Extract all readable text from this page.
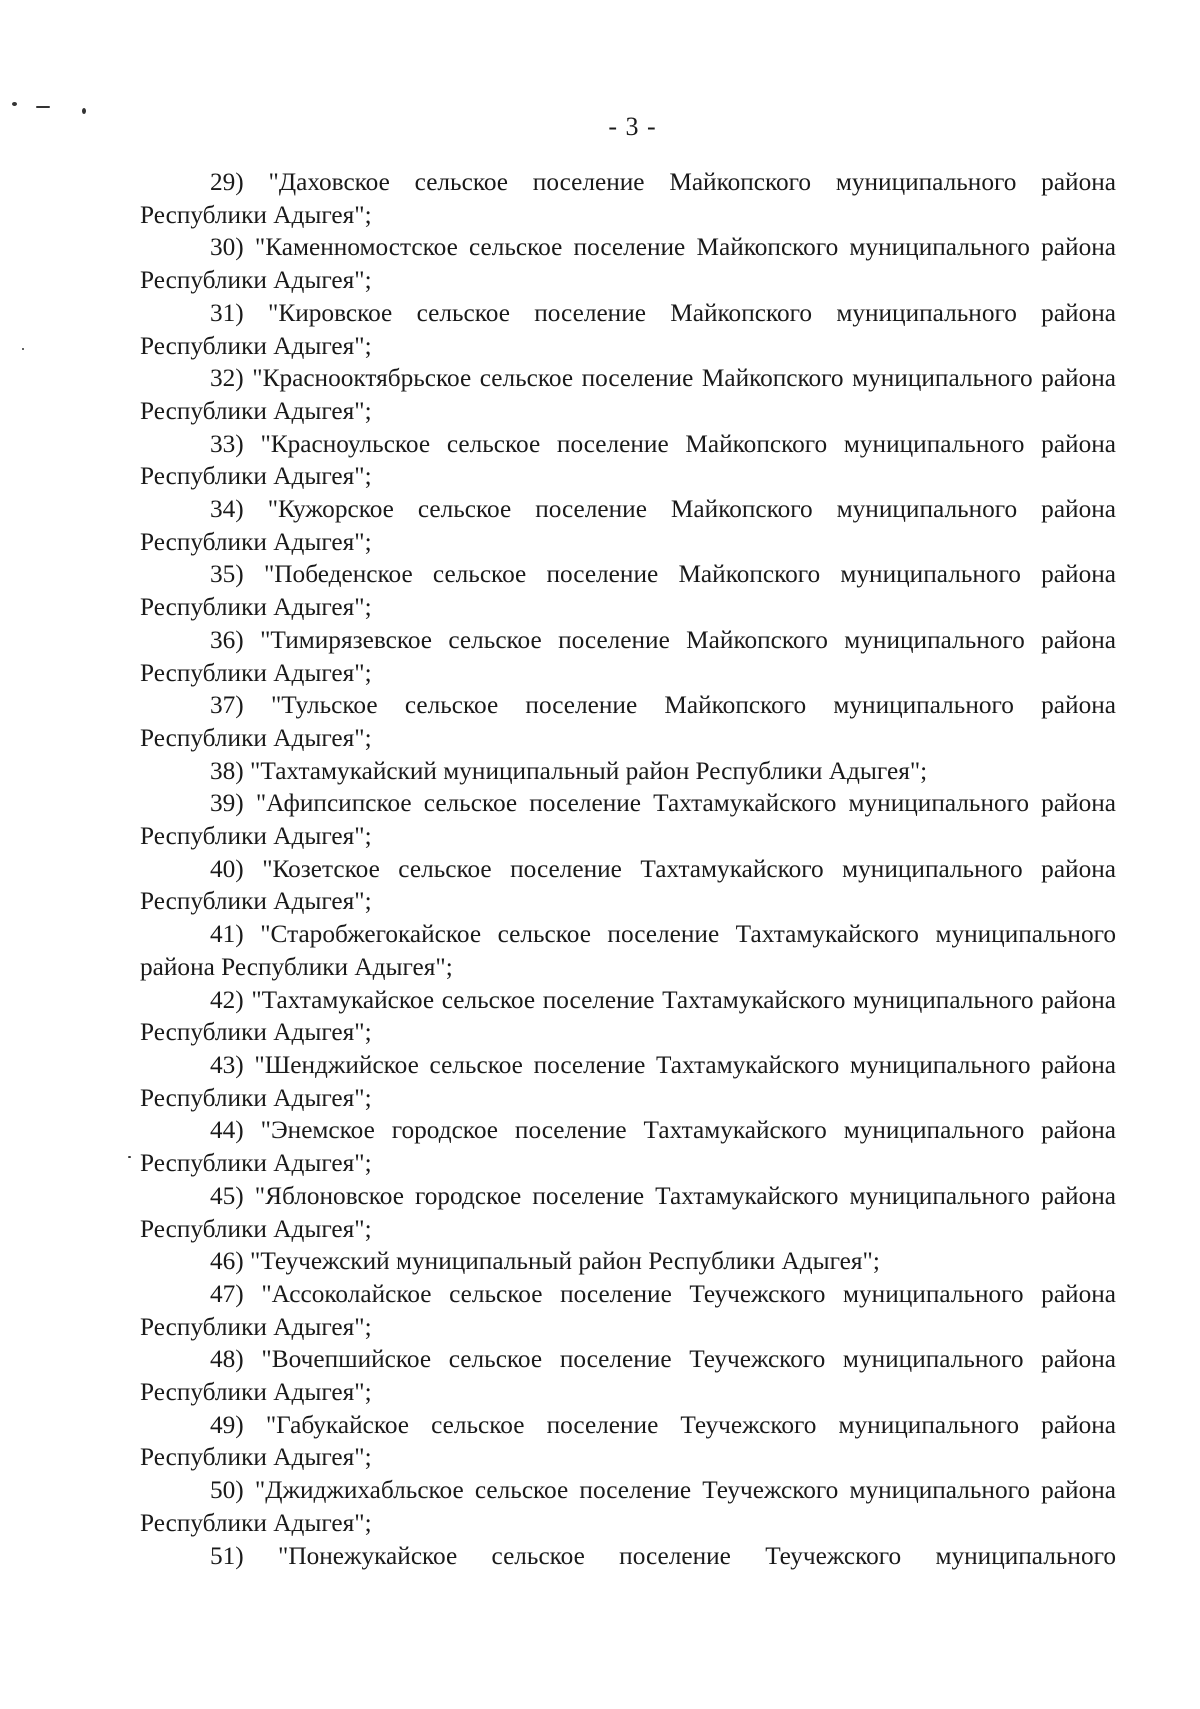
- 3 -

29) "Даховское сельское поселение Майкопского муниципального района Республики Адыгея";

30) "Каменномостское сельское поселение Майкопского муниципального района Республики Адыгея";

31) "Кировское сельское поселение Майкопского муниципального района Республики Адыгея";

32) "Краснооктябрьское сельское поселение Майкопского муниципального района Республики Адыгея";

33) "Красноульское сельское поселение Майкопского муниципального района Республики Адыгея";

34) "Кужорское сельское поселение Майкопского муниципального района Республики Адыгея";

35) "Победенское сельское поселение Майкопского муниципального района Республики Адыгея";

36) "Тимирязевское сельское поселение Майкопского муниципального района Республики Адыгея";

37) "Тульское сельское поселение Майкопского муниципального района Республики Адыгея";

38) "Тахтамукайский муниципальный район Республики Адыгея";

39) "Афипсипское сельское поселение Тахтамукайского муниципального района Республики Адыгея";

40) "Козетское сельское поселение Тахтамукайского муниципального района Республики Адыгея";

41) "Старобжегокайское сельское поселение Тахтамукайского муниципального района Республики Адыгея";

42) "Тахтамукайское сельское поселение Тахтамукайского муниципального района Республики Адыгея";

43) "Шенджийское сельское поселение Тахтамукайского муниципального района Республики Адыгея";

44) "Энемское городское поселение Тахтамукайского муниципального района Республики Адыгея";

45) "Яблоновское городское поселение Тахтамукайского муниципального района Республики Адыгея";

46) "Теучежский муниципальный район Республики Адыгея";

47) "Ассоколайское сельское поселение Теучежского муниципального района Республики Адыгея";

48) "Вочепшийское сельское поселение Теучежского муниципального района Республики Адыгея";

49) "Габукайское сельское поселение Теучежского муниципального района Республики Адыгея";

50) "Джиджихабльское сельское поселение Теучежского муниципального района Республики Адыгея";

51) "Понежукайское сельское поселение Теучежского муниципального
